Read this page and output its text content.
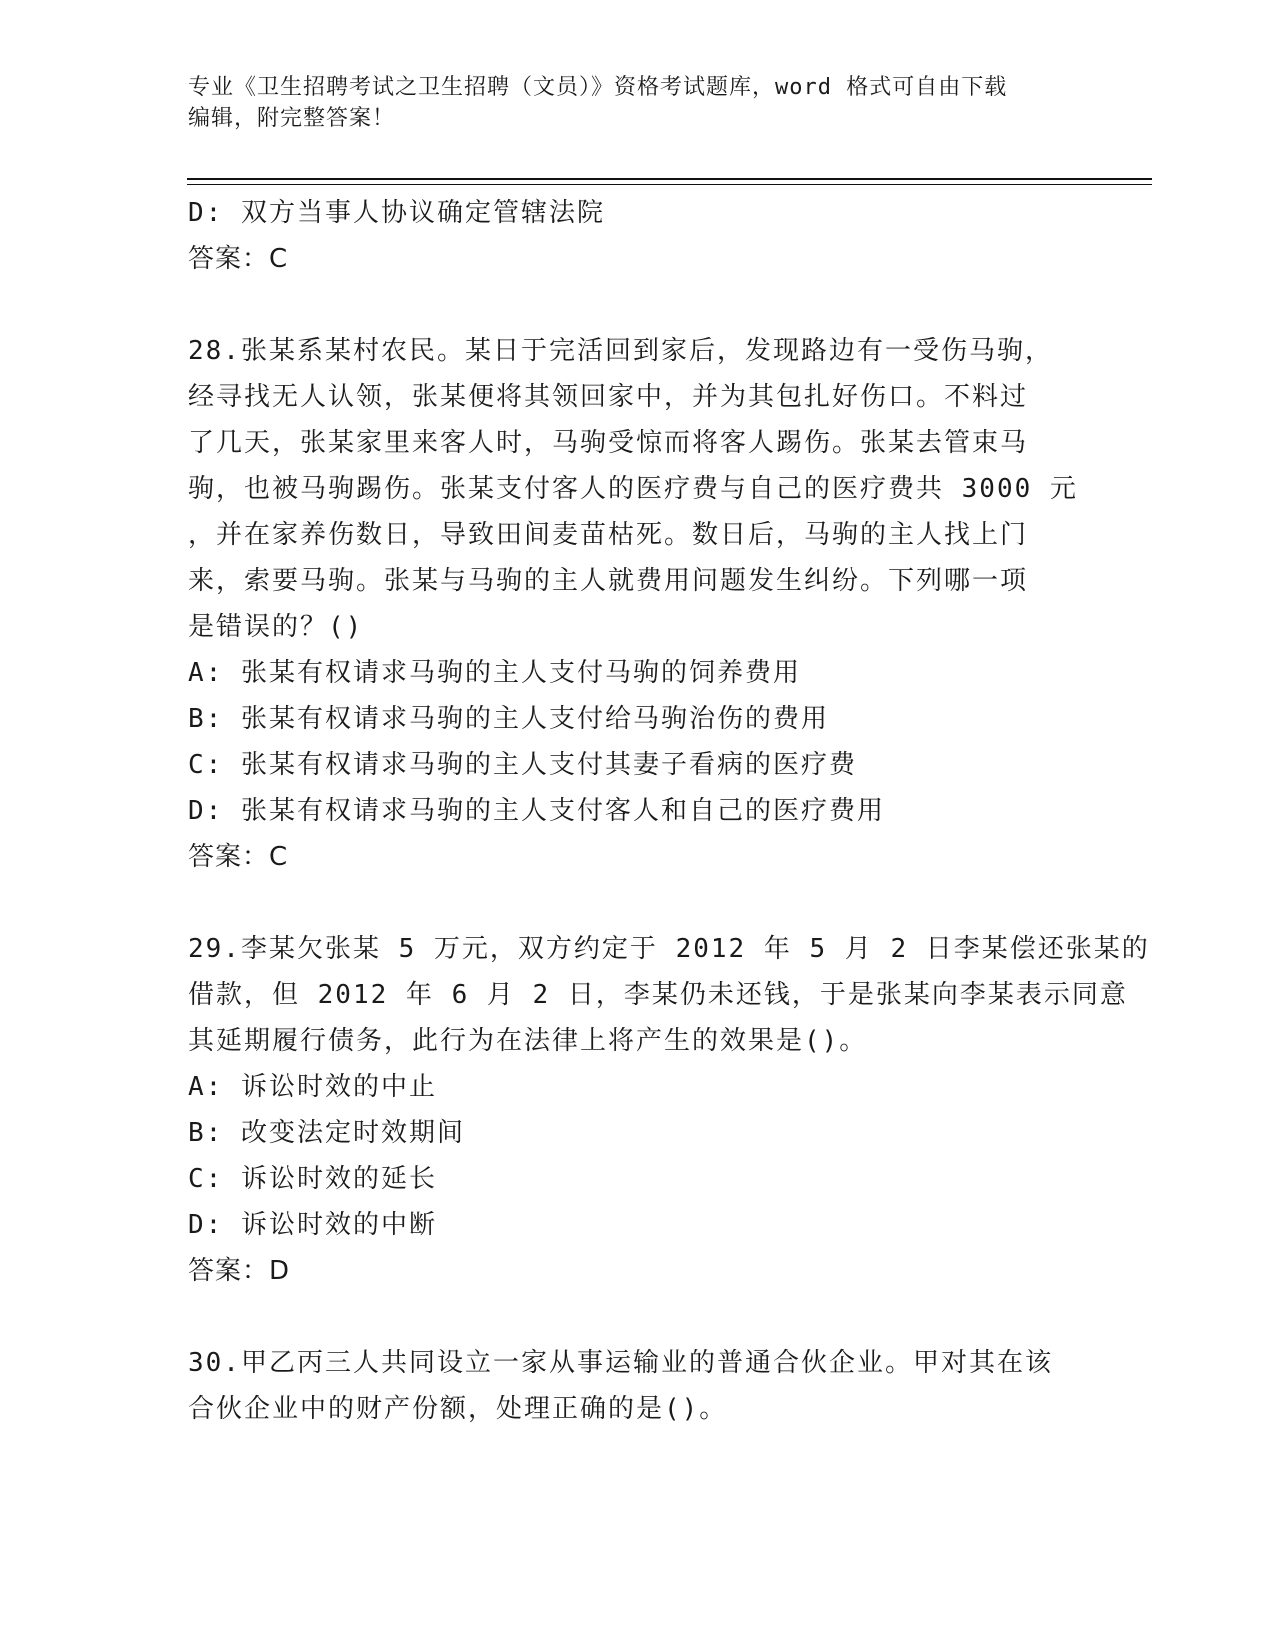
专业《卫生招聘考试之卫生招聘（文员）》资格考试题库，word 格式可自由下载
编辑，附完整答案！
D: 双方当事人协议确定管辖法院
答案：C
28.张某系某村农民。某日于完活回到家后，发现路边有一受伤马驹，
经寻找无人认领，张某便将其领回家中，并为其包扎好伤口。不料过
了几天，张某家里来客人时，马驹受惊而将客人踢伤。张某去管束马
驹，也被马驹踢伤。张某支付客人的医疗费与自己的医疗费共 3000 元
，并在家养伤数日，导致田间麦苗枯死。数日后，马驹的主人找上门
来，索要马驹。张某与马驹的主人就费用问题发生纠纷。下列哪一项
是错误的？()
A: 张某有权请求马驹的主人支付马驹的饲养费用
B: 张某有权请求马驹的主人支付给马驹治伤的费用
C: 张某有权请求马驹的主人支付其妻子看病的医疗费
D: 张某有权请求马驹的主人支付客人和自己的医疗费用
答案：C
29.李某欠张某 5 万元，双方约定于 2012 年 5 月 2 日李某偿还张某的
借款，但 2012 年 6 月 2 日，李某仍未还钱，于是张某向李某表示同意
其延期履行债务，此行为在法律上将产生的效果是()。
A: 诉讼时效的中止
B: 改变法定时效期间
C: 诉讼时效的延长
D: 诉讼时效的中断
答案：D
30.甲乙丙三人共同设立一家从事运输业的普通合伙企业。甲对其在该
合伙企业中的财产份额，处理正确的是()。
